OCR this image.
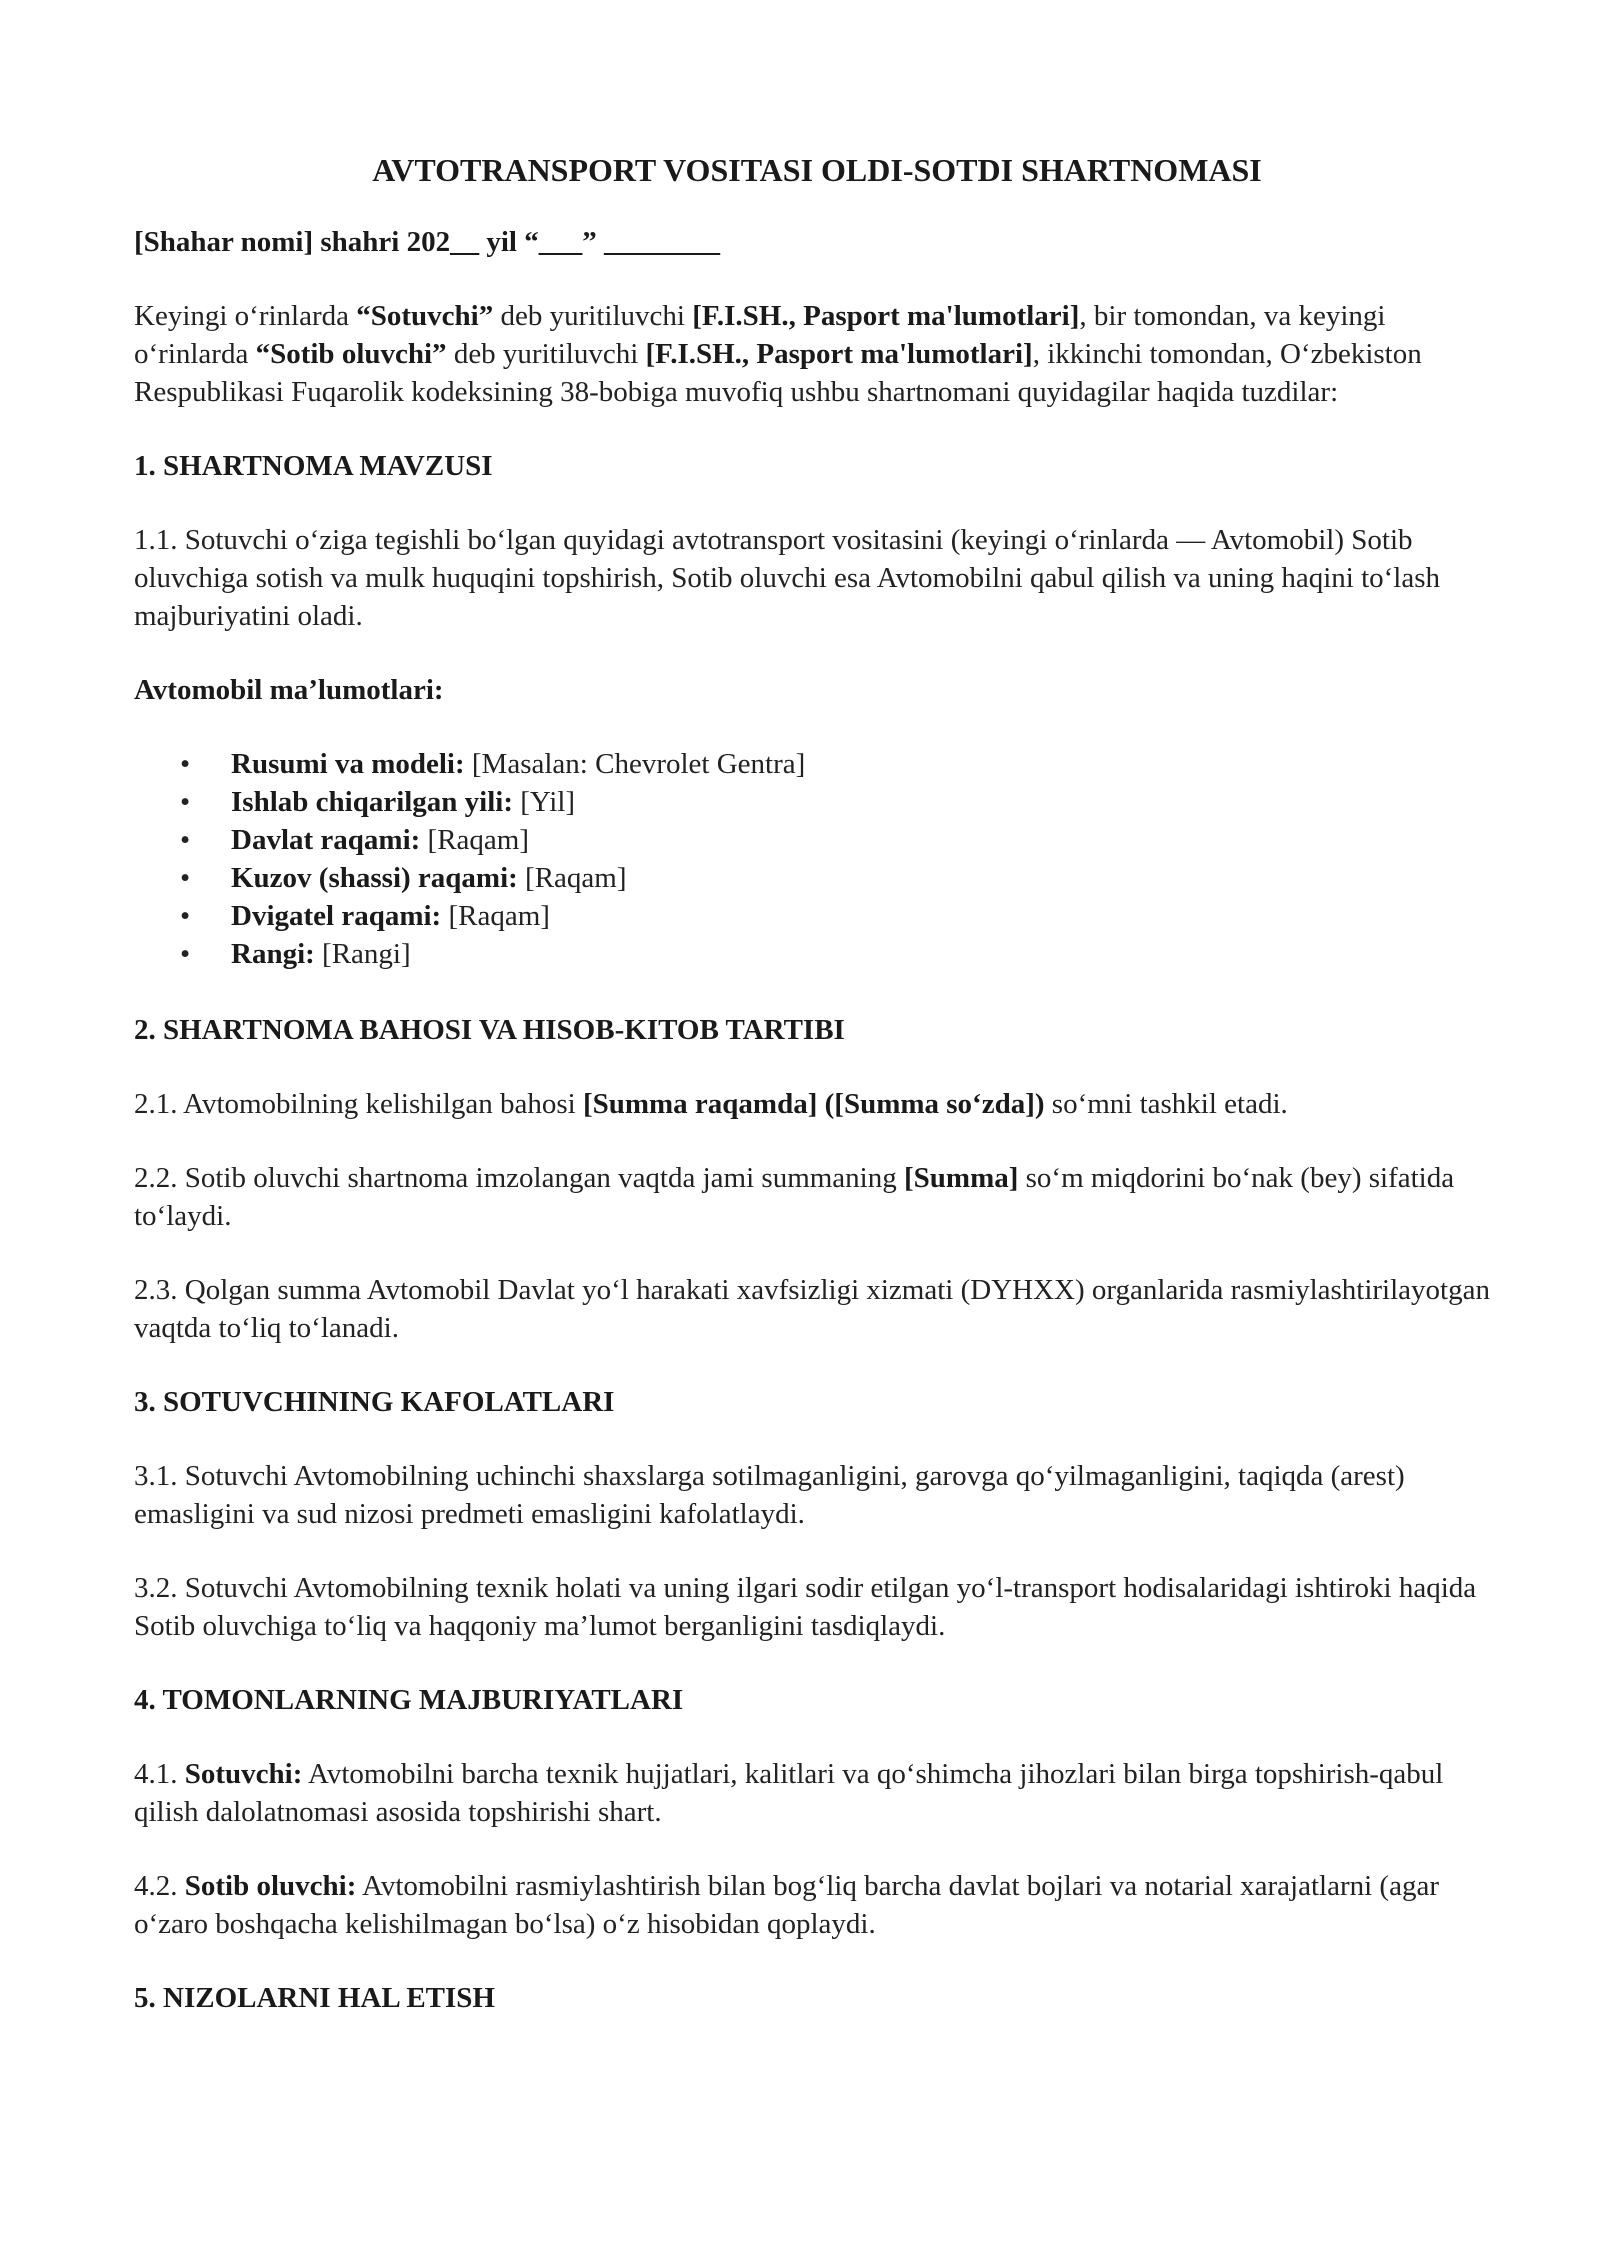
AVTOTRANSPORT VOSITASI OLDI-SOTDI SHARTNOMASI

[Shahar nomi] shahri 202__ yil “___” ________

Keyingi oʻrinlarda “Sotuvchi” deb yuritiluvchi [F.I.SH., Pasport ma'lumotlari], bir tomondan, va keyingi oʻrinlarda “Sotib oluvchi” deb yuritiluvchi [F.I.SH., Pasport ma'lumotlari], ikkinchi tomondan, Oʻzbekiston Respublikasi Fuqarolik kodeksining 38-bobiga muvofiq ushbu shartnomani quyidagilar haqida tuzdilar:

1. SHARTNOMA MAVZUSI

1.1. Sotuvchi oʻziga tegishli boʻlgan quyidagi avtotransport vositasini (keyingi oʻrinlarda — Avtomobil) Sotib oluvchiga sotish va mulk huquqini topshirish, Sotib oluvchi esa Avtomobilni qabul qilish va uning haqini toʻlash majburiyatini oladi.

Avtomobil ma’lumotlari:

• Rusumi va modeli: [Masalan: Chevrolet Gentra]
• Ishlab chiqarilgan yili: [Yil]
• Davlat raqami: [Raqam]
• Kuzov (shassi) raqami: [Raqam]
• Dvigatel raqami: [Raqam]
• Rangi: [Rangi]

2. SHARTNOMA BAHOSI VA HISOB-KITOB TARTIBI

2.1. Avtomobilning kelishilgan bahosi [Summa raqamda] ([Summa soʻzda]) soʻmni tashkil etadi.

2.2. Sotib oluvchi shartnoma imzolangan vaqtda jami summaning [Summa] soʻm miqdorini boʻnak (bey) sifatida toʻlaydi.

2.3. Qolgan summa Avtomobil Davlat yoʻl harakati xavfsizligi xizmati (DYHXX) organlarida rasmiylashtirilayotgan vaqtda toʻliq toʻlanadi.

3. SOTUVCHINING KAFOLATLARI

3.1. Sotuvchi Avtomobilning uchinchi shaxslarga sotilmaganligini, garovga qoʻyilmaganligini, taqiqda (arest) emasligini va sud nizosi predmeti emasligini kafolatlaydi.

3.2. Sotuvchi Avtomobilning texnik holati va uning ilgari sodir etilgan yoʻl-transport hodisalaridagi ishtiroki haqida Sotib oluvchiga toʻliq va haqqoniy ma’lumot berganligini tasdiqlaydi.

4. TOMONLARNING MAJBURIYATLARI

4.1. Sotuvchi: Avtomobilni barcha texnik hujjatlari, kalitlari va qoʻshimcha jihozlari bilan birga topshirish-qabul qilish dalolatnomasi asosida topshirishi shart.

4.2. Sotib oluvchi: Avtomobilni rasmiylashtirish bilan bogʻliq barcha davlat bojlari va notarial xarajatlarni (agar oʻzaro boshqacha kelishilmagan boʻlsa) oʻz hisobidan qoplaydi.

5. NIZOLARNI HAL ETISH
